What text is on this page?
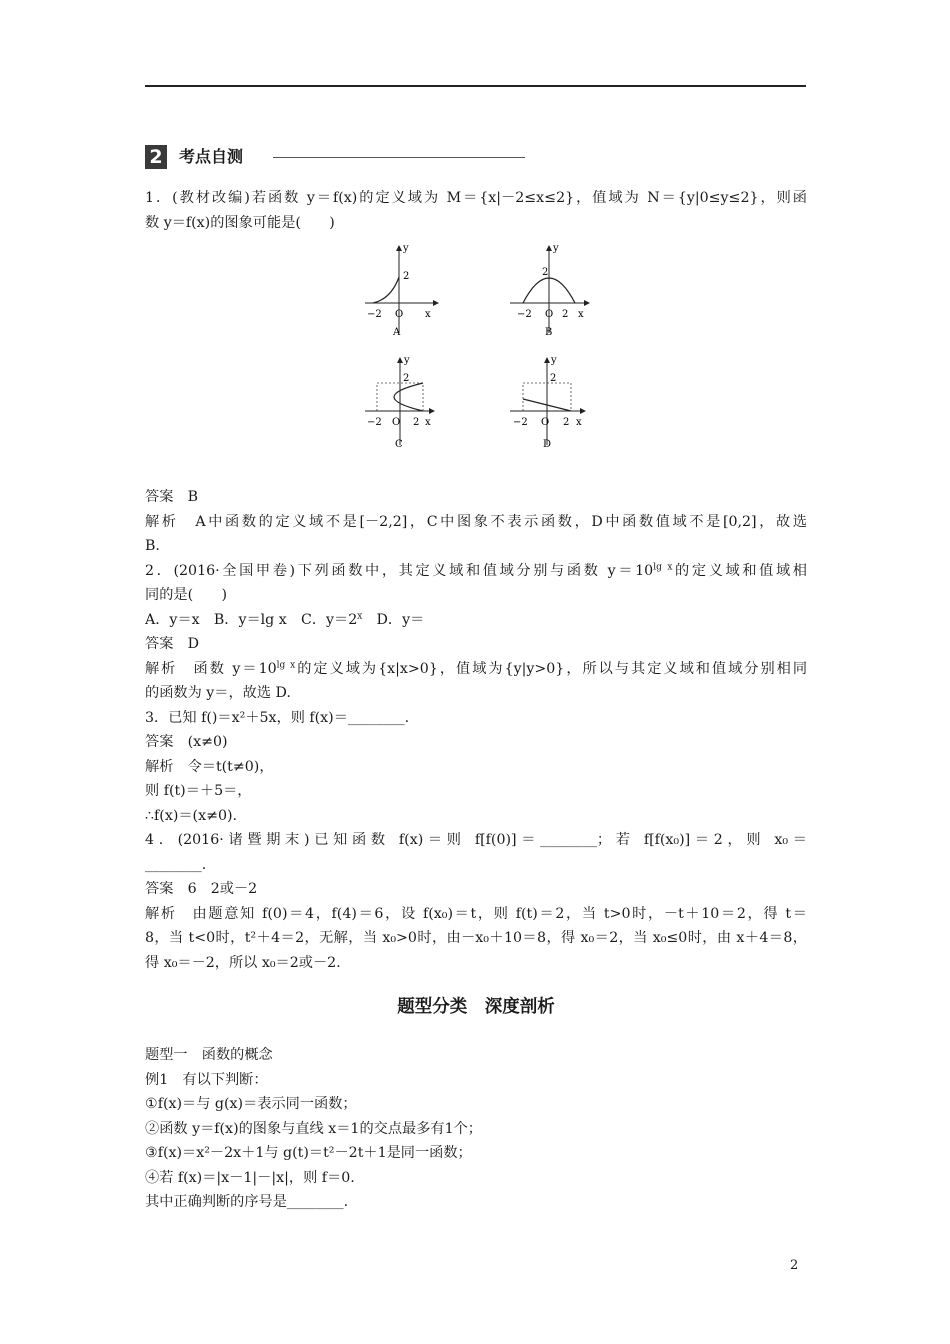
2 考点自测
1．(教材改编)若函数 y＝f(x)的定义域为 M＝{x|－2≤x≤2}，值域为 N＝{y|0≤y≤2}，则函
数 y＝f(x)的图象可能是(　　)
y
2
−2 O x
A
y
2
−2 O 2 x
B
y
2
−2 O 2 x
C
y
2
−2 O 2 x
D
答案　B
解析　A中函数的定义域不是[－2,2]，C中图象不表示函数，D中函数值域不是[0,2]，故选
B.
2．(2016·全国甲卷)下列函数中，其定义域和值域分别与函数 $y=10^{lg x}$的定义域和值域相
同的是(　　)
A．y＝x　B．y＝lg x　C．$y=2^x$　D．y＝
答案　D
解析　函数 $y=10^{lg x}$的定义域为{x|x>0}，值域为{y|y>0}，所以与其定义域和值域分别相同
的函数为 y＝，故选 D.
3．已知 f()＝x²＋5x，则 f(x)＝________.
答案　(x≠0)
解析　令＝t(t≠0)，
则 f(t)＝＋5＝，
∴f(x)＝(x≠0).
4．(2016·诸暨期末)已知函数 f(x)＝则 f[f(0)]＝________；若 f[f(x₀)]＝2，则 x₀＝
________.
答案　6　2或－2
解析　由题意知 f(0)＝4，f(4)＝6，设 f(x₀)＝t，则 f(t)＝2，当 t>0时，－t＋10＝2，得 t＝
8，当 t<0时，t²＋4＝2，无解，当 x₀>0时，由－x₀＋10＝8，得 x₀＝2，当 x₀≤0时，由 x＋4＝8，
得 x₀＝－2，所以 x₀＝2或－2.
题型分类　深度剖析
题型一　函数的概念
例1　有以下判断：
①f(x)＝与 g(x)＝表示同一函数；
②函数 y＝f(x)的图象与直线 x＝1的交点最多有1个；
③f(x)＝x²－2x＋1与 g(t)＝t²－2t＋1是同一函数；
④若 f(x)＝|x－1|－|x|，则 f＝0.
其中正确判断的序号是________.
2
